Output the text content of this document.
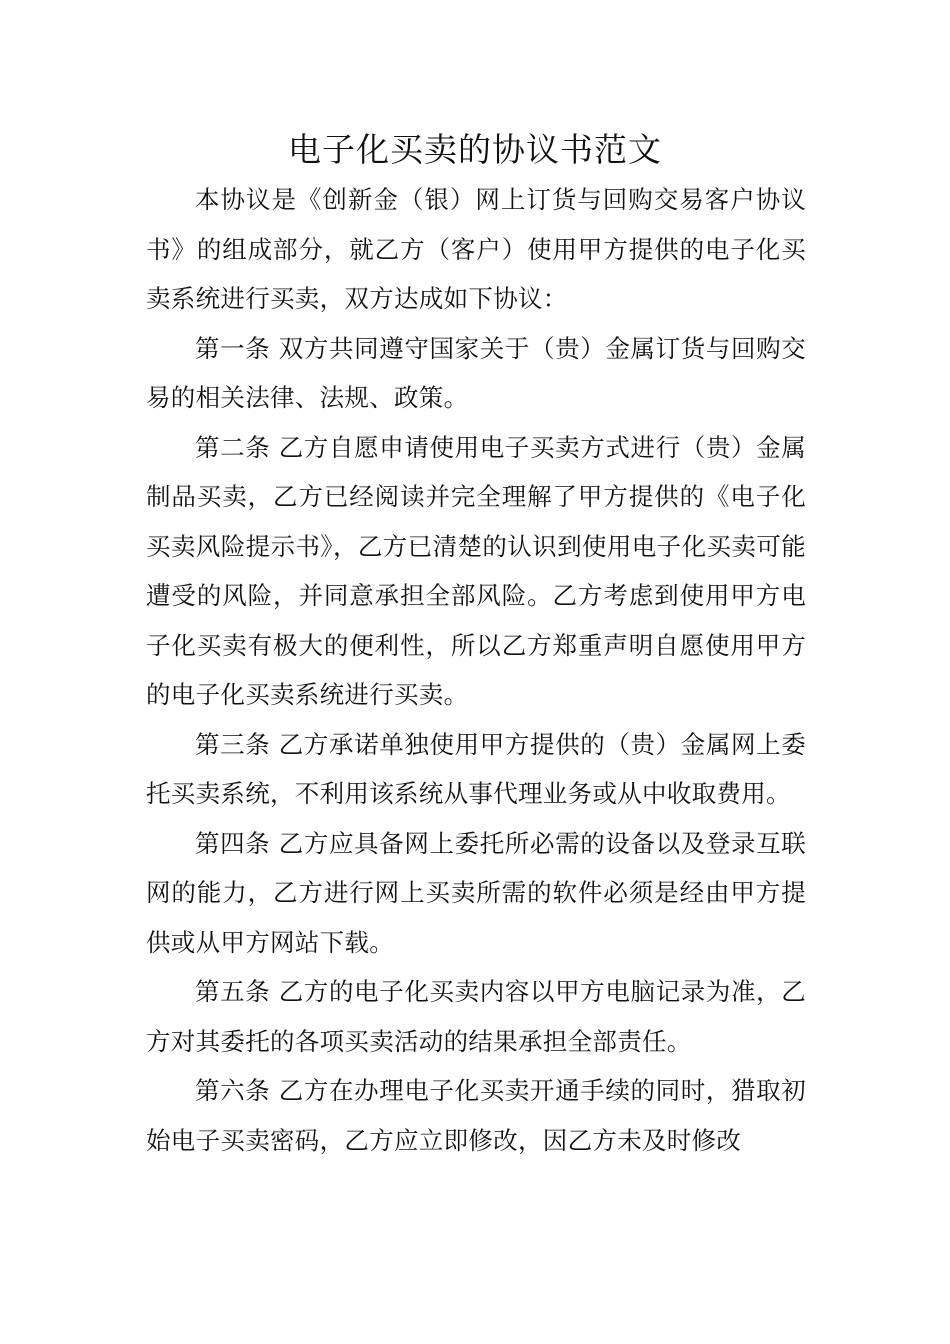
电子化买卖的协议书范文

本协议是《创新金（银）网上订货与回购交易客户协议书》的组成部分，就乙方（客户）使用甲方提供的电子化买卖系统进行买卖，双方达成如下协议：

第一条 双方共同遵守国家关于（贵）金属订货与回购交易的相关法律、法规、政策。

第二条 乙方自愿申请使用电子买卖方式进行（贵）金属制品买卖，乙方已经阅读并完全理解了甲方提供的《电子化买卖风险提示书》，乙方已清楚的认识到使用电子化买卖可能遭受的风险，并同意承担全部风险。乙方考虑到使用甲方电子化买卖有极大的便利性，所以乙方郑重声明自愿使用甲方的电子化买卖系统进行买卖。

第三条 乙方承诺单独使用甲方提供的（贵）金属网上委托买卖系统，不利用该系统从事代理业务或从中收取费用。

第四条 乙方应具备网上委托所必需的设备以及登录互联网的能力，乙方进行网上买卖所需的软件必须是经由甲方提供或从甲方网站下载。

第五条 乙方的电子化买卖内容以甲方电脑记录为准，乙方对其委托的各项买卖活动的结果承担全部责任。

第六条 乙方在办理电子化买卖开通手续的同时，猎取初始电子买卖密码，乙方应立即修改，因乙方未及时修改
